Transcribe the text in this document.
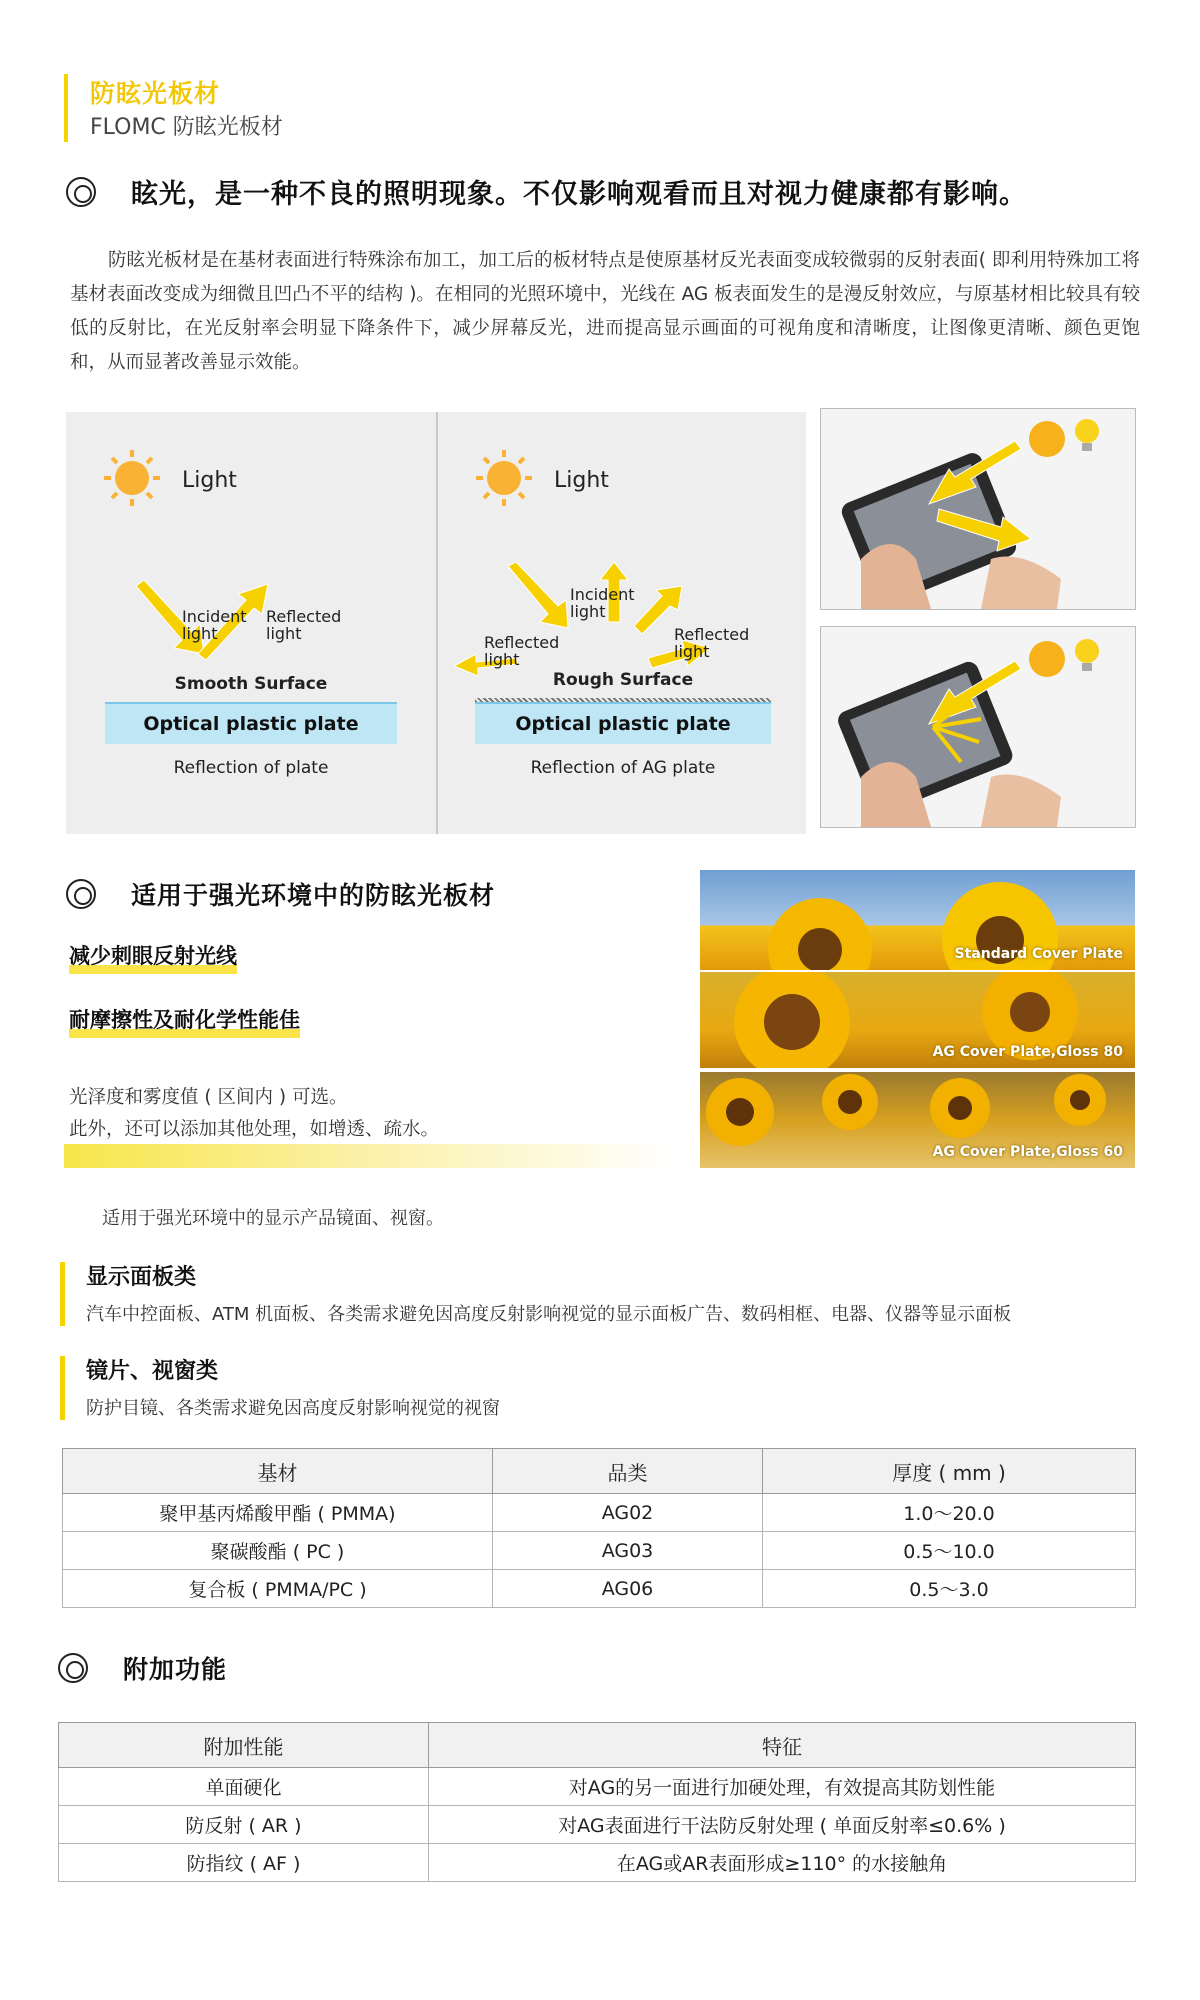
防眩光板材
FLOMC 防眩光板材
眩光，是一种不良的照明现象。不仅影响观看而且对视力健康都有影响。
防眩光板材是在基材表面进行特殊涂布加工，加工后的板材特点是使原基材反光表面变成较微弱的反射表面( 即利用特殊加工将基材表面改变成为细微且凹凸不平的结构 )。在相同的光照环境中，光线在 AG 板表面发生的是漫反射效应，与原基材相比较具有较低的反射比，在光反射率会明显下降条件下，减少屏幕反光，进而提高显示画面的可视角度和清晰度，让图像更清晰、颜色更饱和，从而显著改善显示效能。
Light
Incident
light
Reflected
light
Smooth Surface
Optical plastic plate
Reflection of plate
Light
Incident
light
Reflected
light
Reflected
light
Rough Surface
Optical plastic plate
Reflection of AG plate
适用于强光环境中的防眩光板材
减少刺眼反射光线
耐摩擦性及耐化学性能佳
光泽度和雾度值 ( 区间内 ) 可选。
此外，还可以添加其他处理，如增透、疏水。
Standard Cover Plate
AG Cover Plate,Gloss 80
AG Cover Plate,Gloss 60
适用于强光环境中的显示产品镜面、视窗。
显示面板类
汽车中控面板、ATM 机面板、各类需求避免因高度反射影响视觉的显示面板广告、数码相框、电器、仪器等显示面板
镜片、视窗类
防护目镜、各类需求避免因高度反射影响视觉的视窗
基材	品类	厚度 ( mm )
聚甲基丙烯酸甲酯 ( PMMA)	AG02	1.0～20.0
聚碳酸酯 ( PC )	AG03	0.5～10.0
复合板 ( PMMA/PC )	AG06	0.5～3.0
附加功能
附加性能	特征
单面硬化	对AG的另一面进行加硬处理，有效提高其防划性能
防反射 ( AR )	对AG表面进行干法防反射处理 ( 单面反射率≤0.6% )
防指纹 ( AF )	在AG或AR表面形成≥110° 的水接触角
